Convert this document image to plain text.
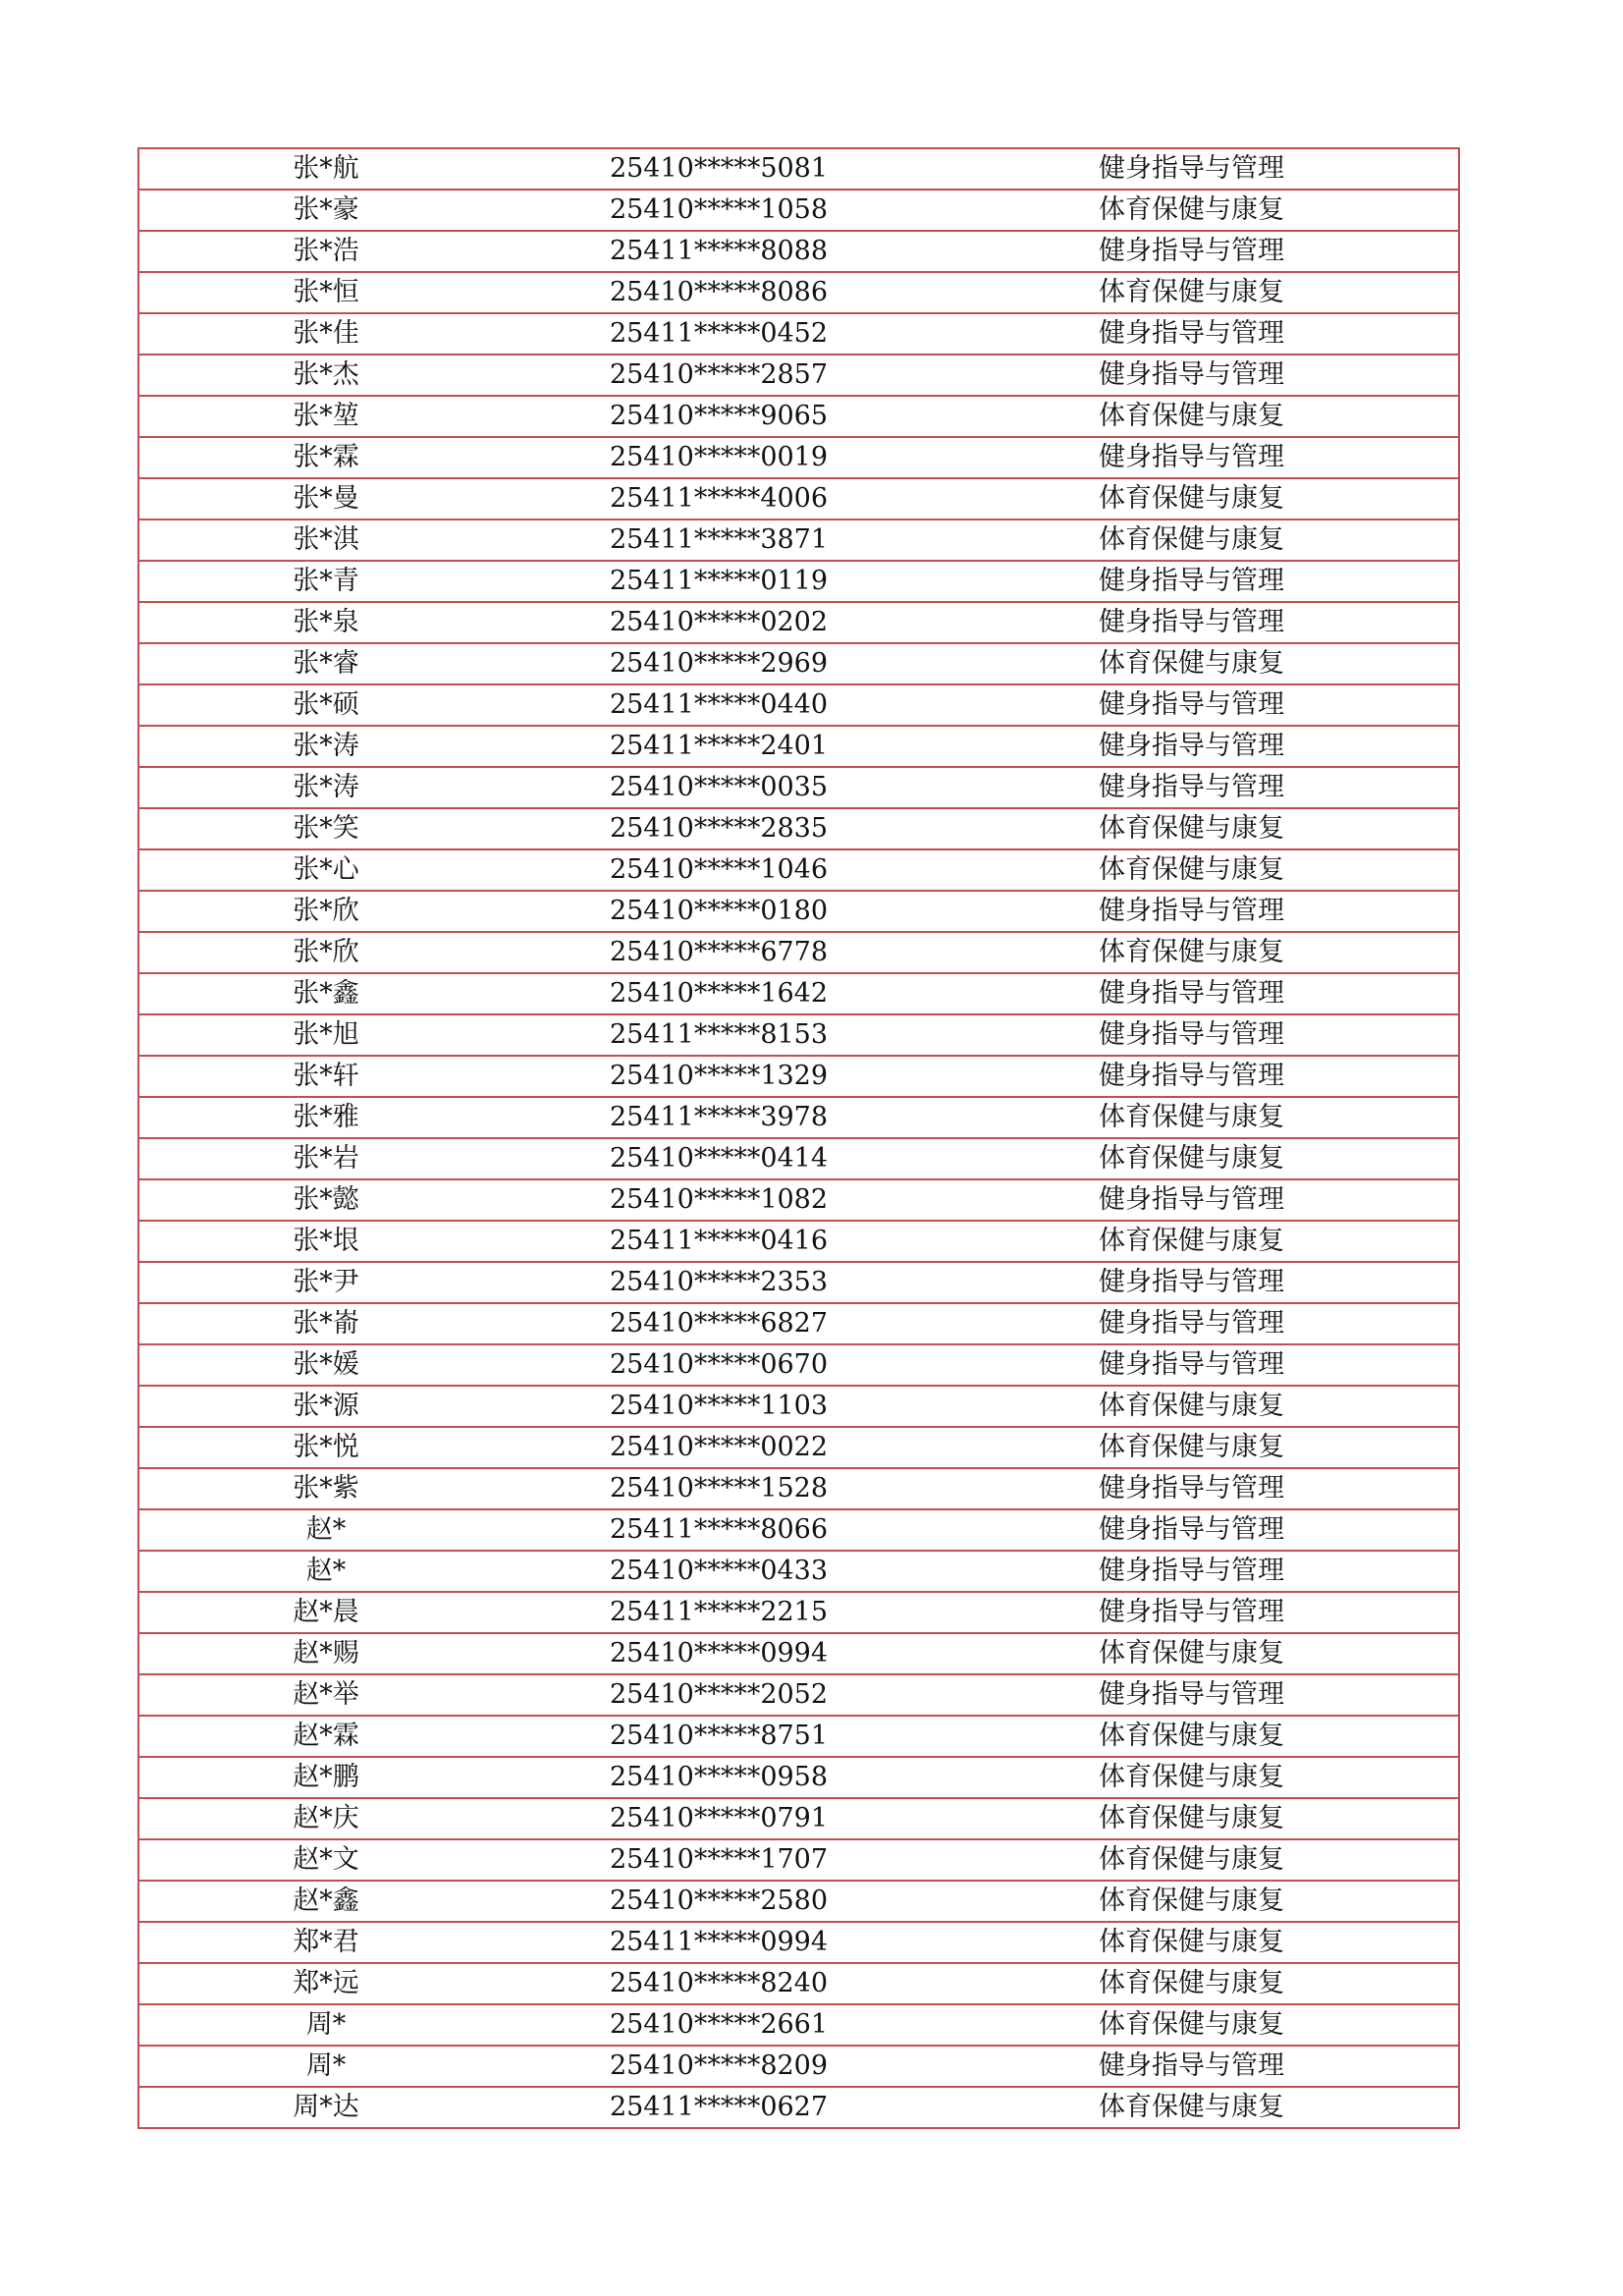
张*航	25410*****5081	健身指导与管理
张*豪	25410*****1058	体育保健与康复
张*浩	25411*****8088	健身指导与管理
张*恒	25410*****8086	体育保健与康复
张*佳	25411*****0452	健身指导与管理
张*杰	25410*****2857	健身指导与管理
张*堃	25410*****9065	体育保健与康复
张*霖	25410*****0019	健身指导与管理
张*曼	25411*****4006	体育保健与康复
张*淇	25411*****3871	体育保健与康复
张*青	25411*****0119	健身指导与管理
张*泉	25410*****0202	健身指导与管理
张*睿	25410*****2969	体育保健与康复
张*硕	25411*****0440	健身指导与管理
张*涛	25411*****2401	健身指导与管理
张*涛	25410*****0035	健身指导与管理
张*笑	25410*****2835	体育保健与康复
张*心	25410*****1046	体育保健与康复
张*欣	25410*****0180	健身指导与管理
张*欣	25410*****6778	体育保健与康复
张*鑫	25410*****1642	健身指导与管理
张*旭	25411*****8153	健身指导与管理
张*轩	25410*****1329	健身指导与管理
张*雅	25411*****3978	体育保健与康复
张*岩	25410*****0414	体育保健与康复
张*懿	25410*****1082	健身指导与管理
张*垠	25411*****0416	体育保健与康复
张*尹	25410*****2353	健身指导与管理
张*嵛	25410*****6827	健身指导与管理
张*媛	25410*****0670	健身指导与管理
张*源	25410*****1103	体育保健与康复
张*悦	25410*****0022	体育保健与康复
张*紫	25410*****1528	健身指导与管理
赵*	25411*****8066	健身指导与管理
赵*	25410*****0433	健身指导与管理
赵*晨	25411*****2215	健身指导与管理
赵*赐	25410*****0994	体育保健与康复
赵*举	25410*****2052	健身指导与管理
赵*霖	25410*****8751	体育保健与康复
赵*鹏	25410*****0958	体育保健与康复
赵*庆	25410*****0791	体育保健与康复
赵*文	25410*****1707	体育保健与康复
赵*鑫	25410*****2580	体育保健与康复
郑*君	25411*****0994	体育保健与康复
郑*远	25410*****8240	体育保健与康复
周*	25410*****2661	体育保健与康复
周*	25410*****8209	健身指导与管理
周*达	25411*****0627	体育保健与康复
